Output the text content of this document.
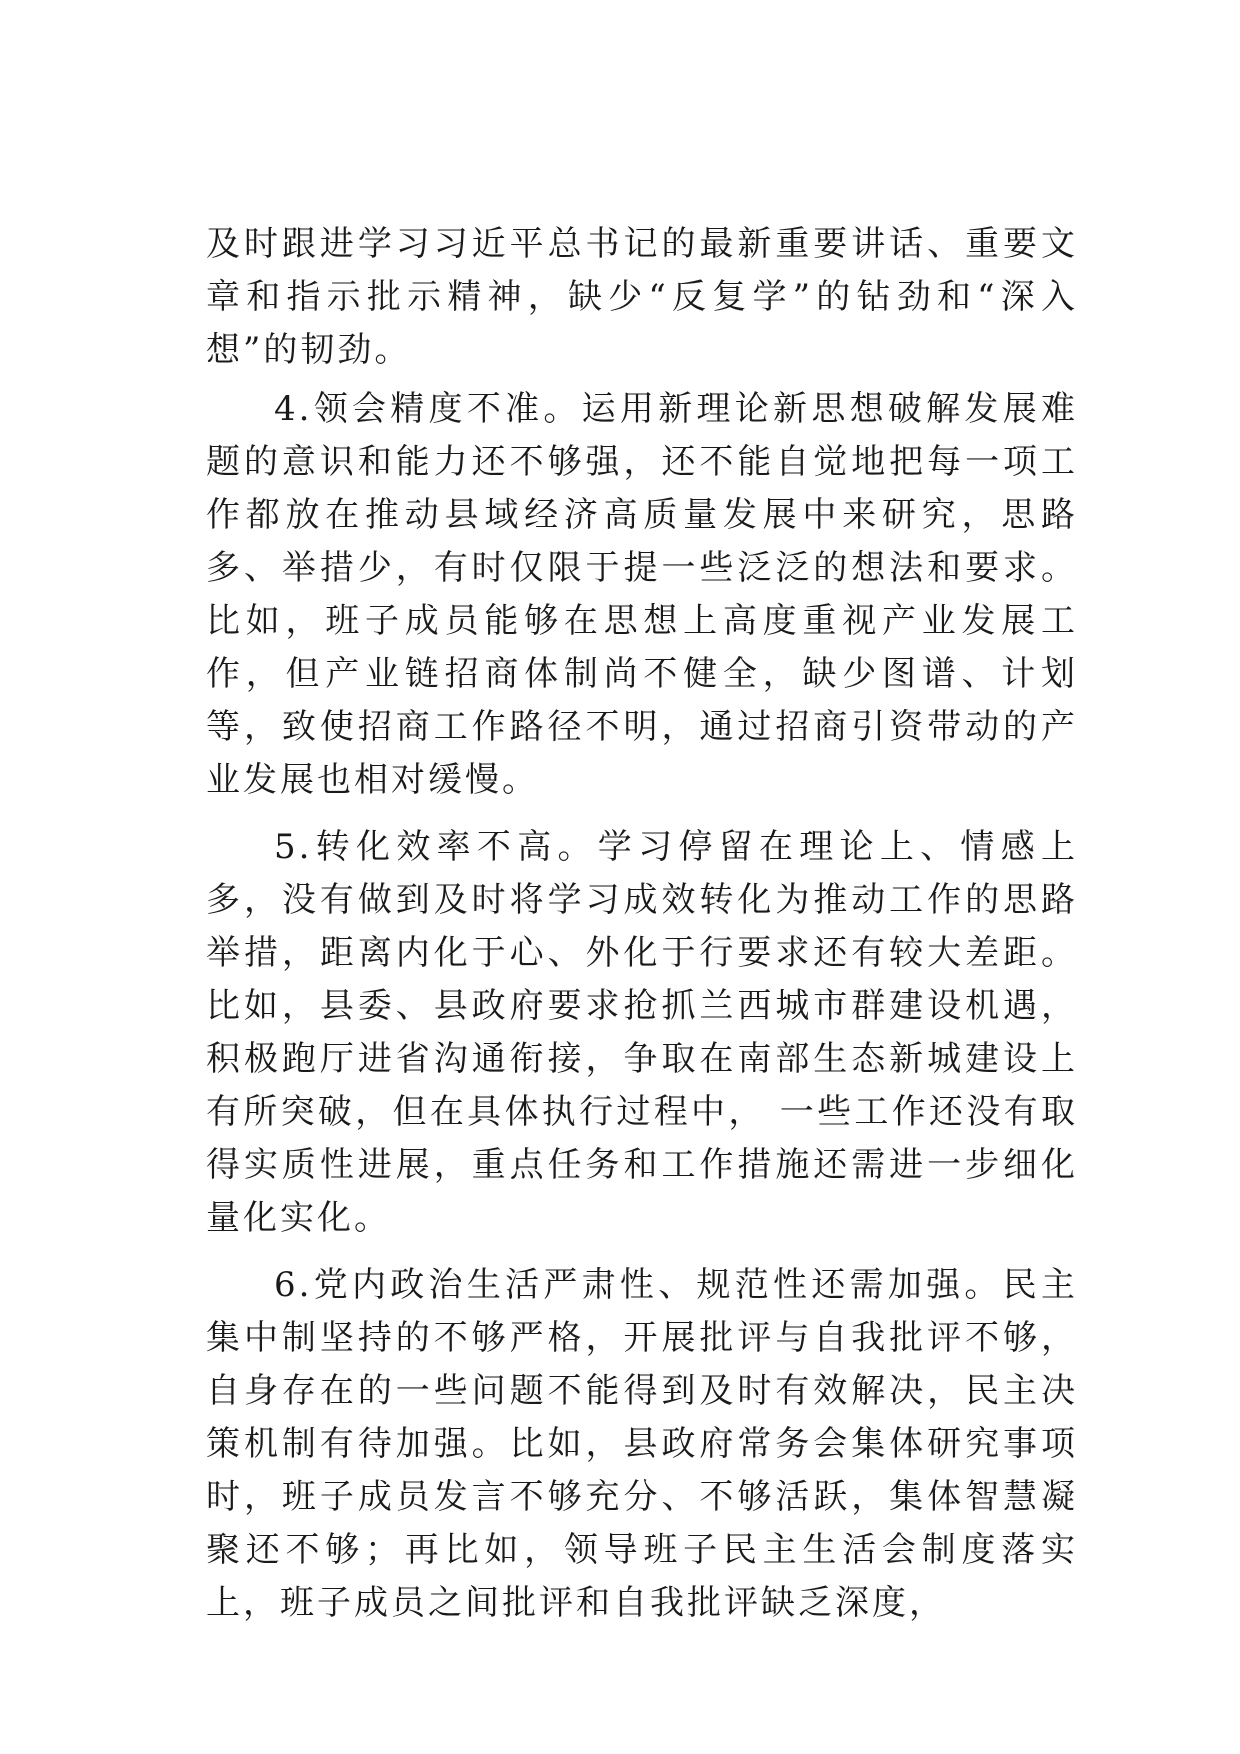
及时跟进学习习近平总书记的最新重要讲话、重要文章和指示批示精神，缺少“反复学”的钻劲和“深入想”的韧劲。

4.领会精度不准。运用新理论新思想破解发展难题的意识和能力还不够强，还不能自觉地把每一项工作都放在推动县域经济高质量发展中来研究，思路多、举措少，有时仅限于提一些泛泛的想法和要求。比如，班子成员能够在思想上高度重视产业发展工作，但产业链招商体制尚不健全，缺少图谱、计划等，致使招商工作路径不明，通过招商引资带动的产业发展也相对缓慢。

5.转化效率不高。学习停留在理论上、情感上多，没有做到及时将学习成效转化为推动工作的思路举措，距离内化于心、外化于行要求还有较大差距。比如，县委、县政府要求抢抓兰西城市群建设机遇，积极跑厅进省沟通衔接，争取在南部生态新城建设上有所突破，但在具体执行过程中， 一些工作还没有取得实质性进展，重点任务和工作措施还需进一步细化量化实化。

6.党内政治生活严肃性、规范性还需加强。民主集中制坚持的不够严格，开展批评与自我批评不够，自身存在的一些问题不能得到及时有效解决，民主决策机制有待加强。比如，县政府常务会集体研究事项时，班子成员发言不够充分、不够活跃，集体智慧凝聚还不够；再比如，领导班子民主生活会制度落实上，班子成员之间批评和自我批评缺乏深度，
